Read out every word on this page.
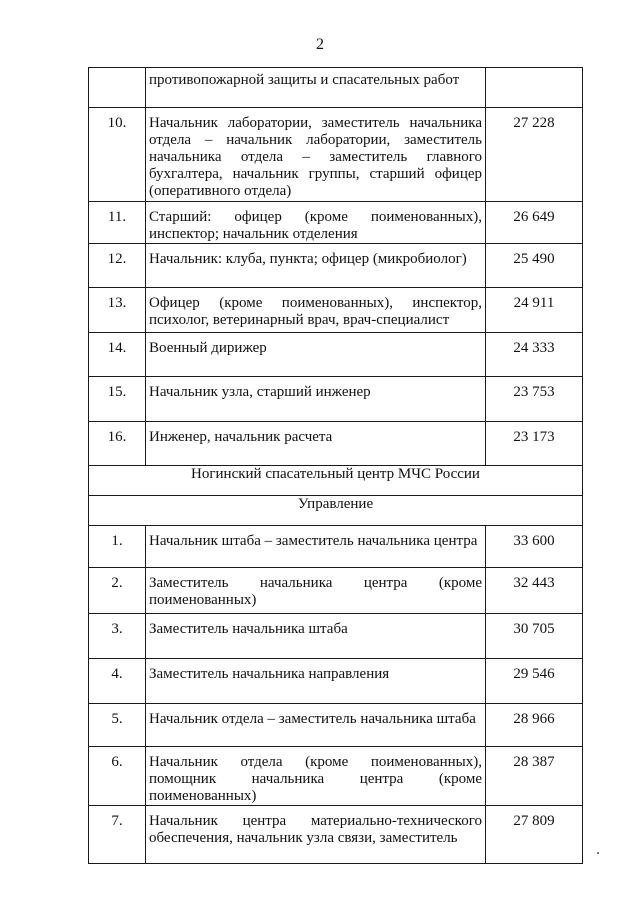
2
	противопожарной защиты и спасательных работ	
10.	Начальник лаборатории, заместитель начальника отдела – начальник лаборатории, заместитель начальника отдела – заместитель главного бухгалтера, начальник группы, старший офицер (оперативного отдела)	27 228
11.	Старший: офицер (кроме поименованных), инспектор; начальник отделения	26 649
12.	Начальник: клуба, пункта; офицер (микробиолог)	25 490
13.	Офицер (кроме поименованных), инспектор, психолог, ветеринарный врач, врач-специалист	24 911
14.	Военный дирижер	24 333
15.	Начальник узла, старший инженер	23 753
16.	Инженер, начальник расчета	23 173
Ногинский спасательный центр МЧС России		
Управление		
1.	Начальник штаба – заместитель начальника центра	33 600
2.	Заместитель начальника центра (кроме поименованных)	32 443
3.	Заместитель начальника штаба	30 705
4.	Заместитель начальника направления	29 546
5.	Начальник отдела – заместитель начальника штаба	28 966
6.	Начальник отдела (кроме поименованных), помощник начальника центра (кроме поименованных)	28 387
7.	Начальник центра материально-технического обеспечения, начальник узла связи, заместитель	27 809
